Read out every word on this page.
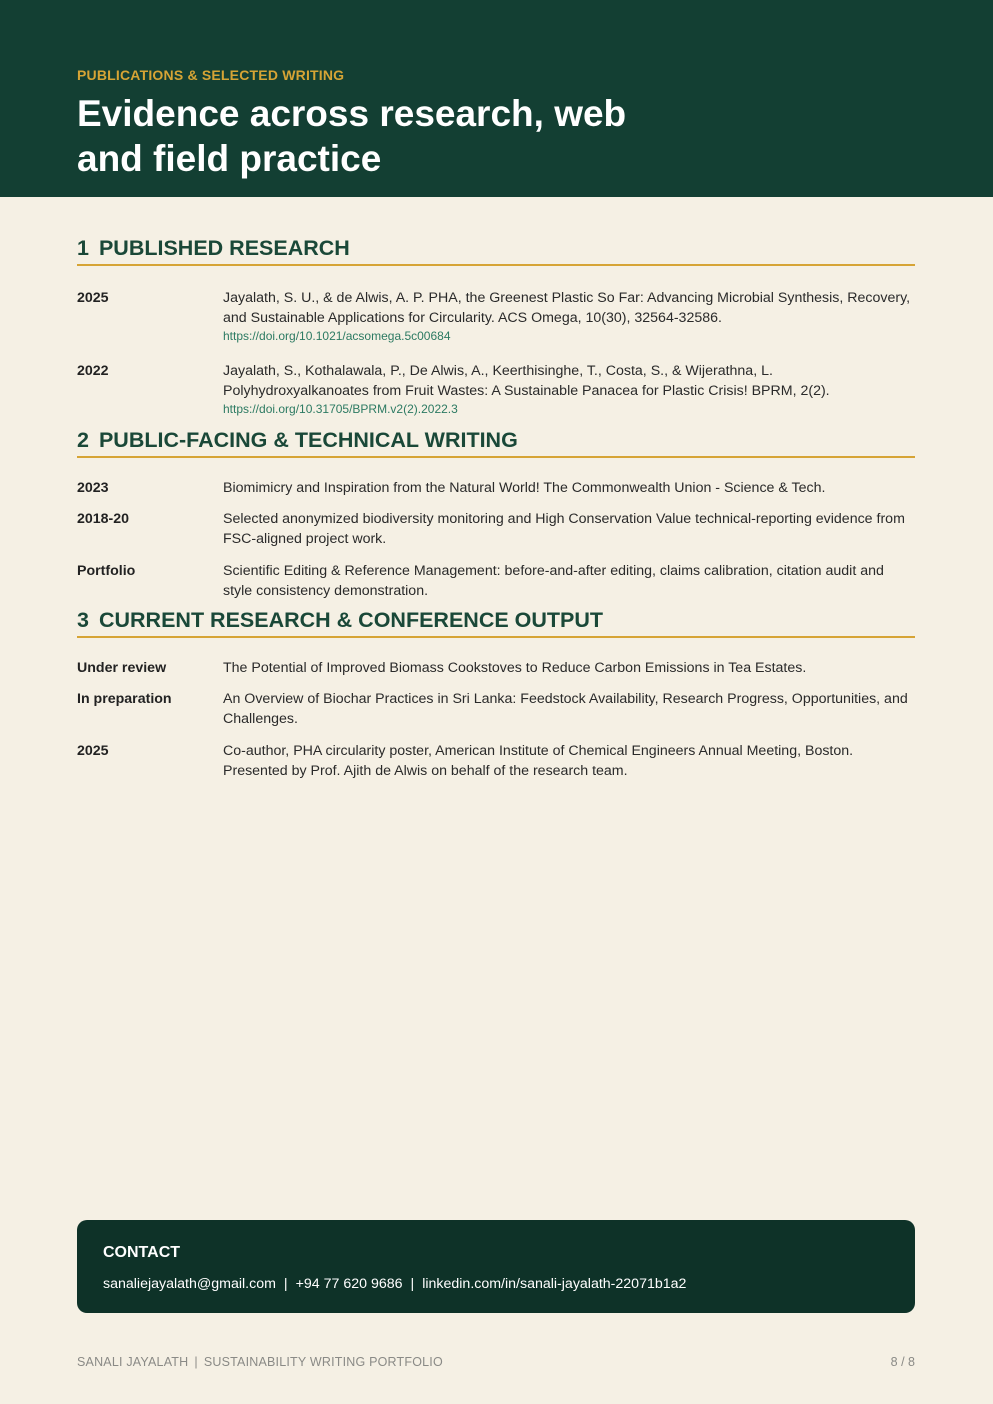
PUBLICATIONS & SELECTED WRITING
Evidence across research, web and field practice
1 PUBLISHED RESEARCH
2025	Jayalath, S. U., & de Alwis, A. P. PHA, the Greenest Plastic So Far: Advancing Microbial Synthesis, Recovery, and Sustainable Applications for Circularity. ACS Omega, 10(30), 32564-32586.
https://doi.org/10.1021/acsomega.5c00684
2022	Jayalath, S., Kothalawala, P., De Alwis, A., Keerthisinghe, T., Costa, S., & Wijerathna, L. Polyhydroxyalkanoates from Fruit Wastes: A Sustainable Panacea for Plastic Crisis! BPRM, 2(2).
https://doi.org/10.31705/BPRM.v2(2).2022.3
2 PUBLIC-FACING & TECHNICAL WRITING
2023	Biomimicry and Inspiration from the Natural World! The Commonwealth Union - Science & Tech.
2018-20	Selected anonymized biodiversity monitoring and High Conservation Value technical-reporting evidence from FSC-aligned project work.
Portfolio	Scientific Editing & Reference Management: before-and-after editing, claims calibration, citation audit and style consistency demonstration.
3 CURRENT RESEARCH & CONFERENCE OUTPUT
Under review	The Potential of Improved Biomass Cookstoves to Reduce Carbon Emissions in Tea Estates.
In preparation	An Overview of Biochar Practices in Sri Lanka: Feedstock Availability, Research Progress, Opportunities, and Challenges.
2025	Co-author, PHA circularity poster, American Institute of Chemical Engineers Annual Meeting, Boston. Presented by Prof. Ajith de Alwis on behalf of the research team.
CONTACT
sanaliejayalath@gmail.com | +94 77 620 9686 | linkedin.com/in/sanali-jayalath-22071b1a2
SANALI JAYALATH | SUSTAINABILITY WRITING PORTFOLIO	8 / 8
